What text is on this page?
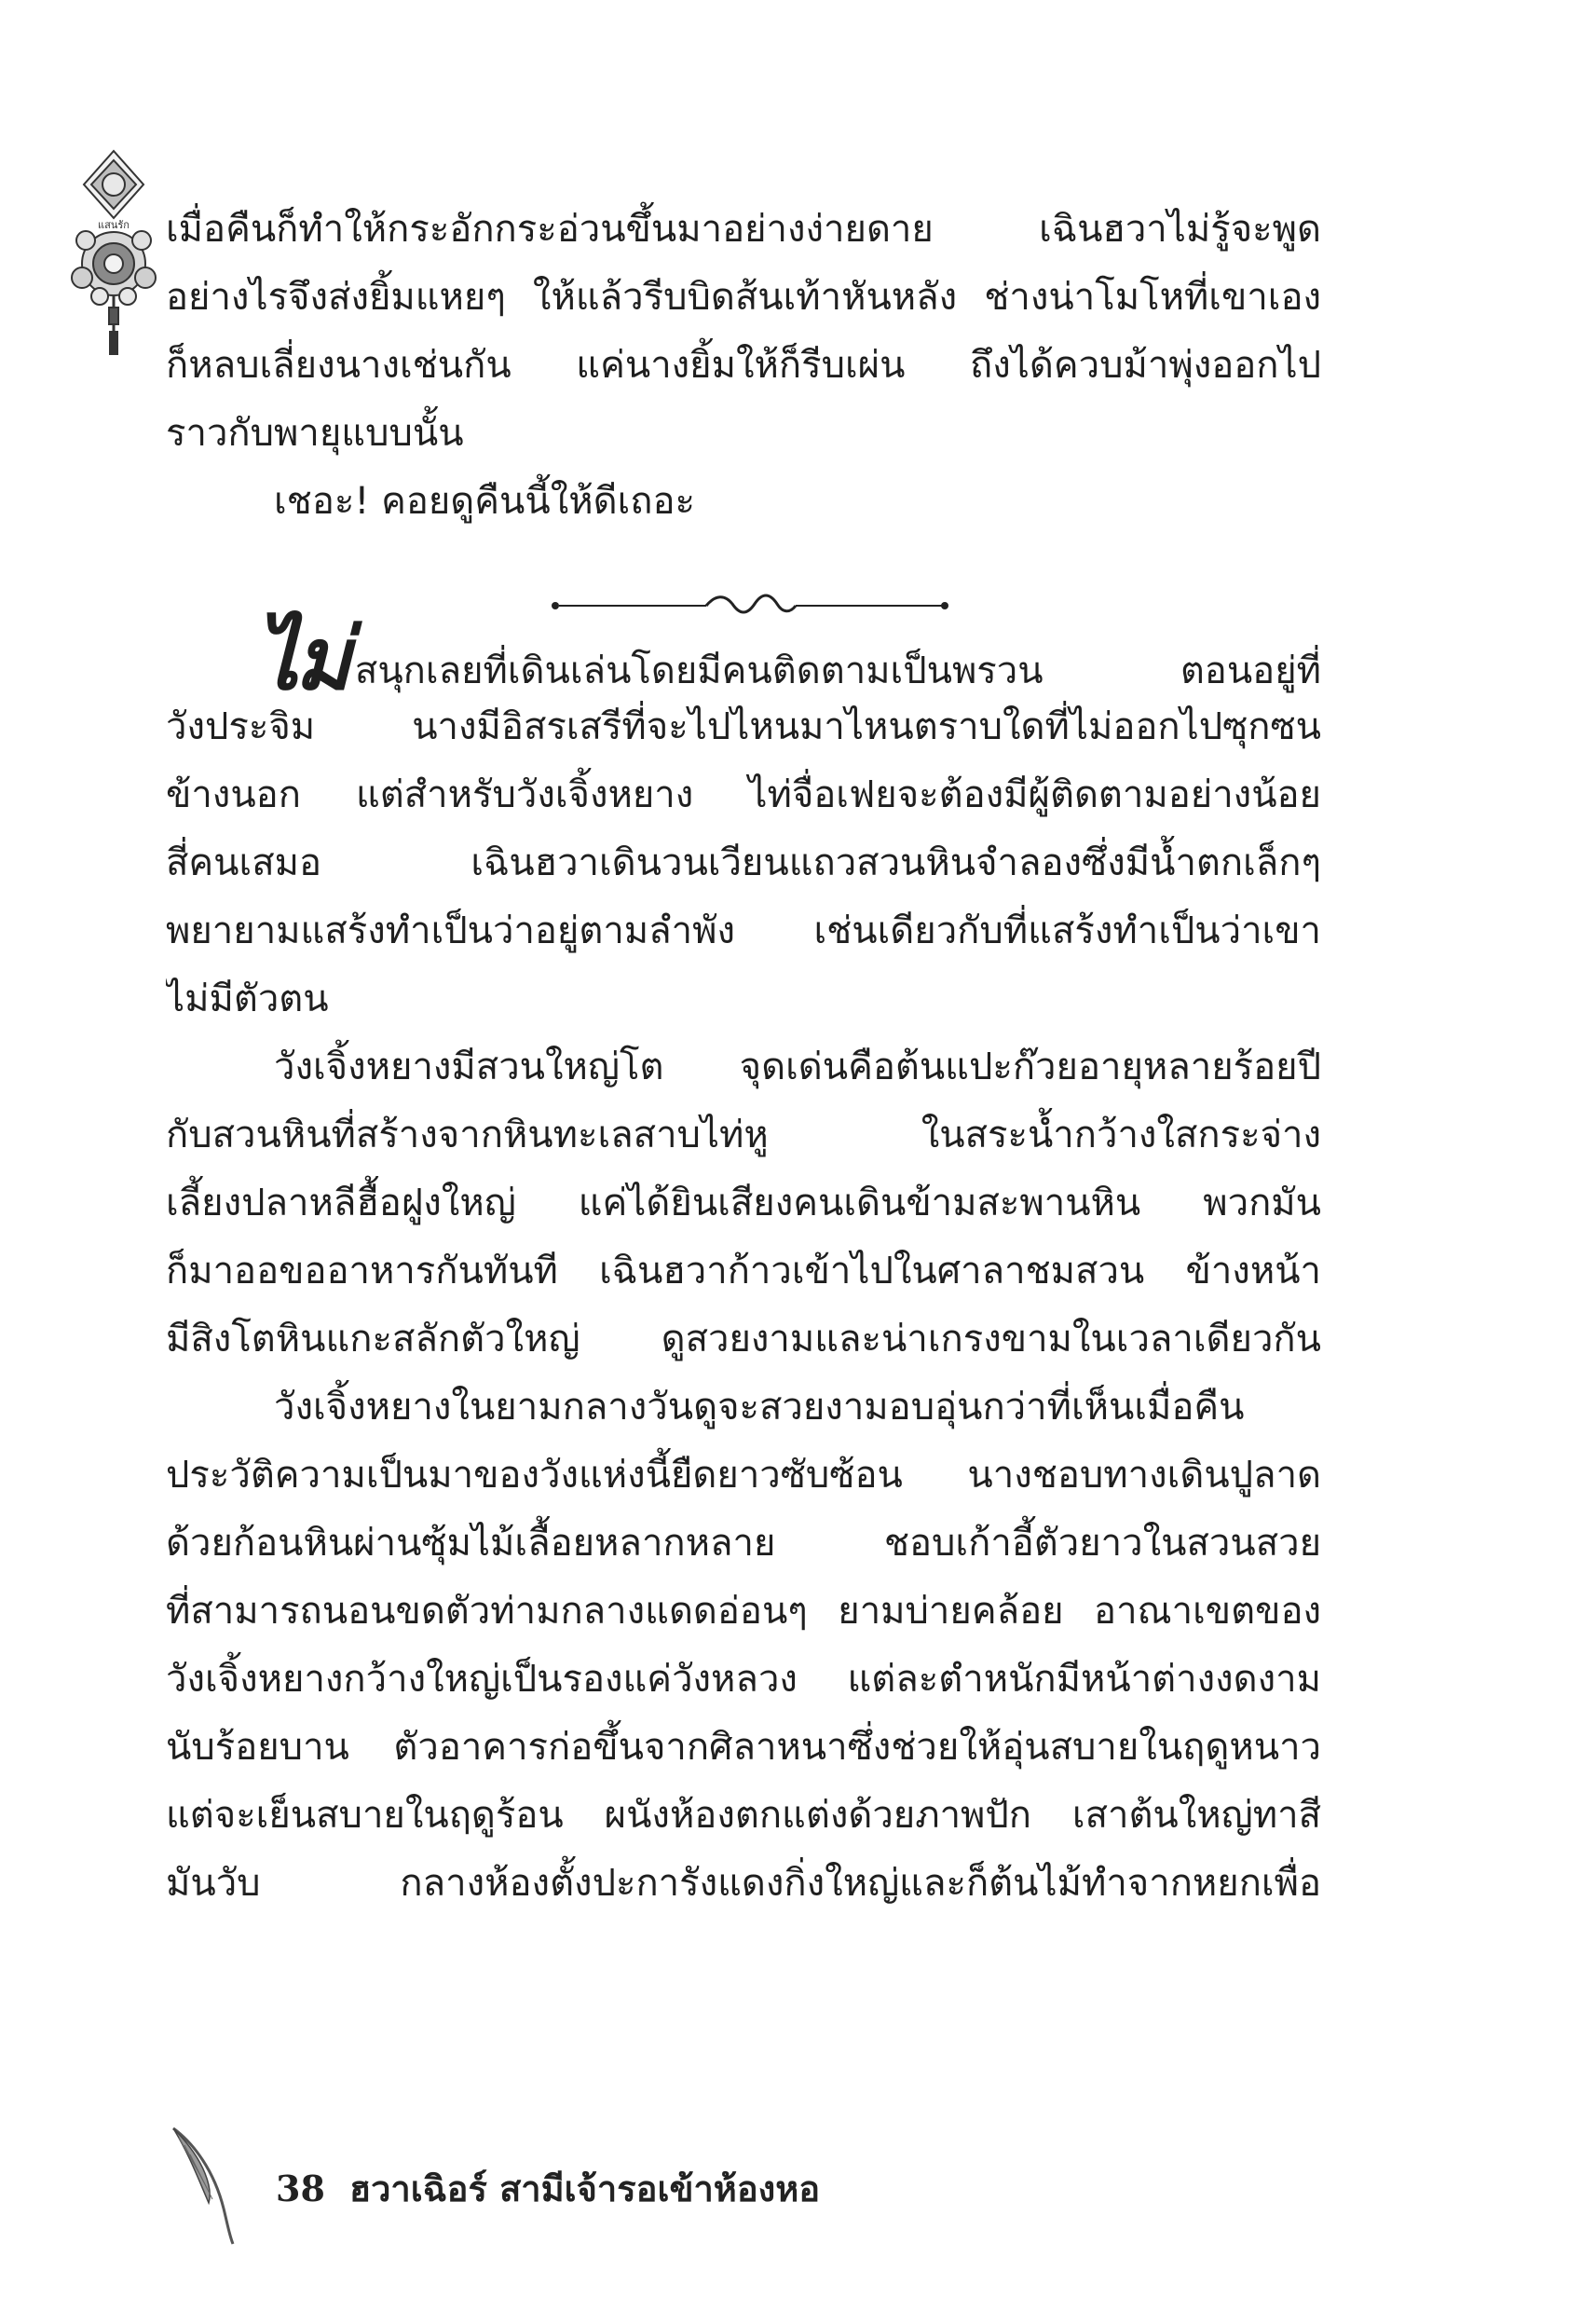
แสนรัก เมื่อคืนก็ทำให้กระอักกระอ่วนขึ้นมาอย่างง่ายดาย เฉินฮวาไม่รู้จะพูด
อย่างไรจึงส่งยิ้มแหยๆ ให้แล้วรีบบิดส้นเท้าหันหลัง ช่างน่าโมโหที่เขาเอง
ก็หลบเลี่ยงนางเช่นกัน แค่นางยิ้มให้ก็รีบเผ่น ถึงได้ควบม้าพุ่งออกไป
ราวกับพายุแบบนั้น
เชอะ! คอยดูคืนนี้ให้ดีเถอะ
ไม่ สนุกเลยที่เดินเล่นโดยมีคนติดตามเป็นพรวน ตอนอยู่ที่
วังประจิม นางมีอิสรเสรีที่จะไปไหนมาไหนตราบใดที่ไม่ออกไปซุกซน
ข้างนอก แต่สำหรับวังเจิ้งหยาง ไท่จื่อเฟยจะต้องมีผู้ติดตามอย่างน้อย
สี่คนเสมอ เฉินฮวาเดินวนเวียนแถวสวนหินจำลองซึ่งมีน้ำตกเล็กๆ
พยายามแสร้งทำเป็นว่าอยู่ตามลำพัง เช่นเดียวกับที่แสร้งทำเป็นว่าเขา
ไม่มีตัวตน
วังเจิ้งหยางมีสวนใหญ่โต จุดเด่นคือต้นแปะก๊วยอายุหลายร้อยปี
กับสวนหินที่สร้างจากหินทะเลสาบไท่หู ในสระน้ำกว้างใสกระจ่าง
เลี้ยงปลาหลีฮื้อฝูงใหญ่ แค่ได้ยินเสียงคนเดินข้ามสะพานหิน พวกมัน
ก็มาออขออาหารกันทันที เฉินฮวาก้าวเข้าไปในศาลาชมสวน ข้างหน้า
มีสิงโตหินแกะสลักตัวใหญ่ ดูสวยงามและน่าเกรงขามในเวลาเดียวกัน
วังเจิ้งหยางในยามกลางวันดูจะสวยงามอบอุ่นกว่าที่เห็นเมื่อคืน
ประวัติความเป็นมาของวังแห่งนี้ยืดยาวซับซ้อน นางชอบทางเดินปูลาด
ด้วยก้อนหินผ่านซุ้มไม้เลื้อยหลากหลาย ชอบเก้าอี้ตัวยาวในสวนสวย
ที่สามารถนอนขดตัวท่ามกลางแดดอ่อนๆ ยามบ่ายคล้อย อาณาเขตของ
วังเจิ้งหยางกว้างใหญ่เป็นรองแค่วังหลวง แต่ละตำหนักมีหน้าต่างงดงาม
นับร้อยบาน ตัวอาคารก่อขึ้นจากศิลาหนาซึ่งช่วยให้อุ่นสบายในฤดูหนาว
แต่จะเย็นสบายในฤดูร้อน ผนังห้องตกแต่งด้วยภาพปัก เสาต้นใหญ่ทาสี
มันวับ กลางห้องตั้งปะการังแดงกิ่งใหญ่และก็ต้นไม้ทำจากหยกเพื่อ
38 ฮวาเฉิอร์ สามีเจ้ารอเข้าห้องหอ
